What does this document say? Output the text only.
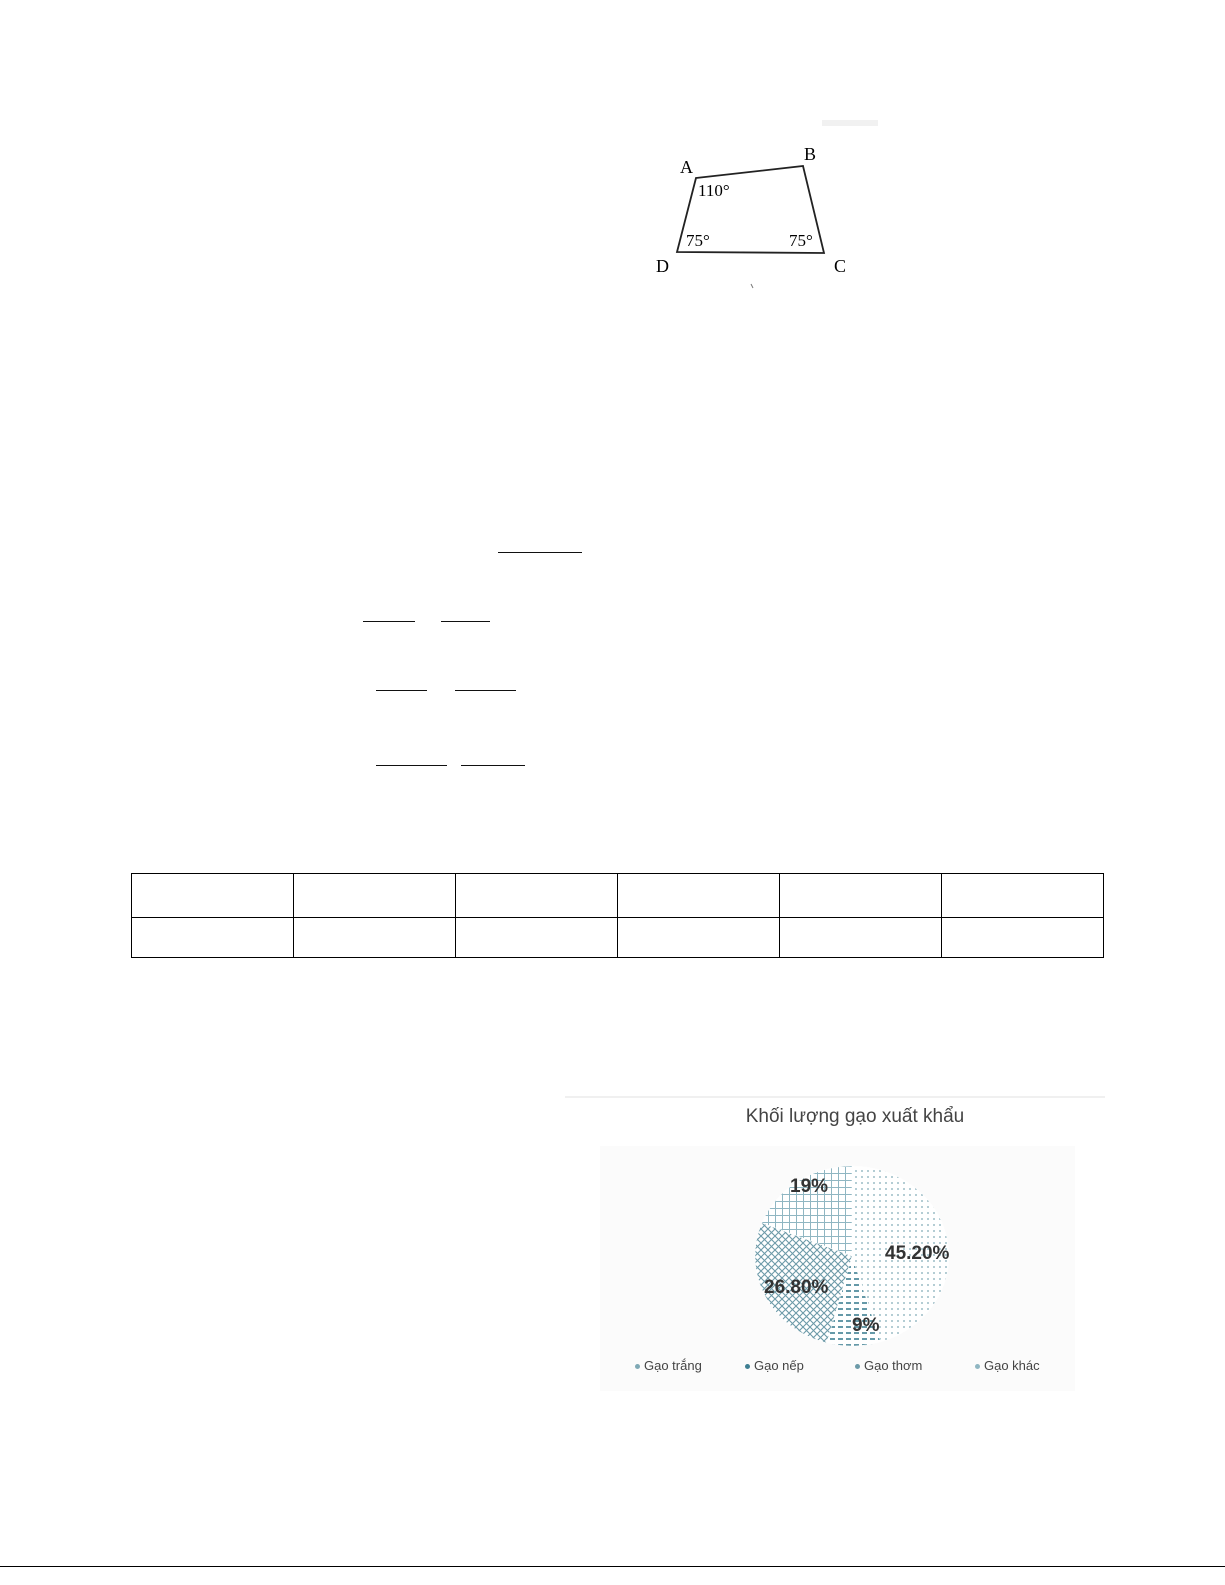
A
B
C
D
110°
75°	75°

Khối lượng gạo xuất khẩu
45.20%
9%
26.80%
19%
Gạo trắng	Gạo nếp	Gạo thơm	Gạo khác
